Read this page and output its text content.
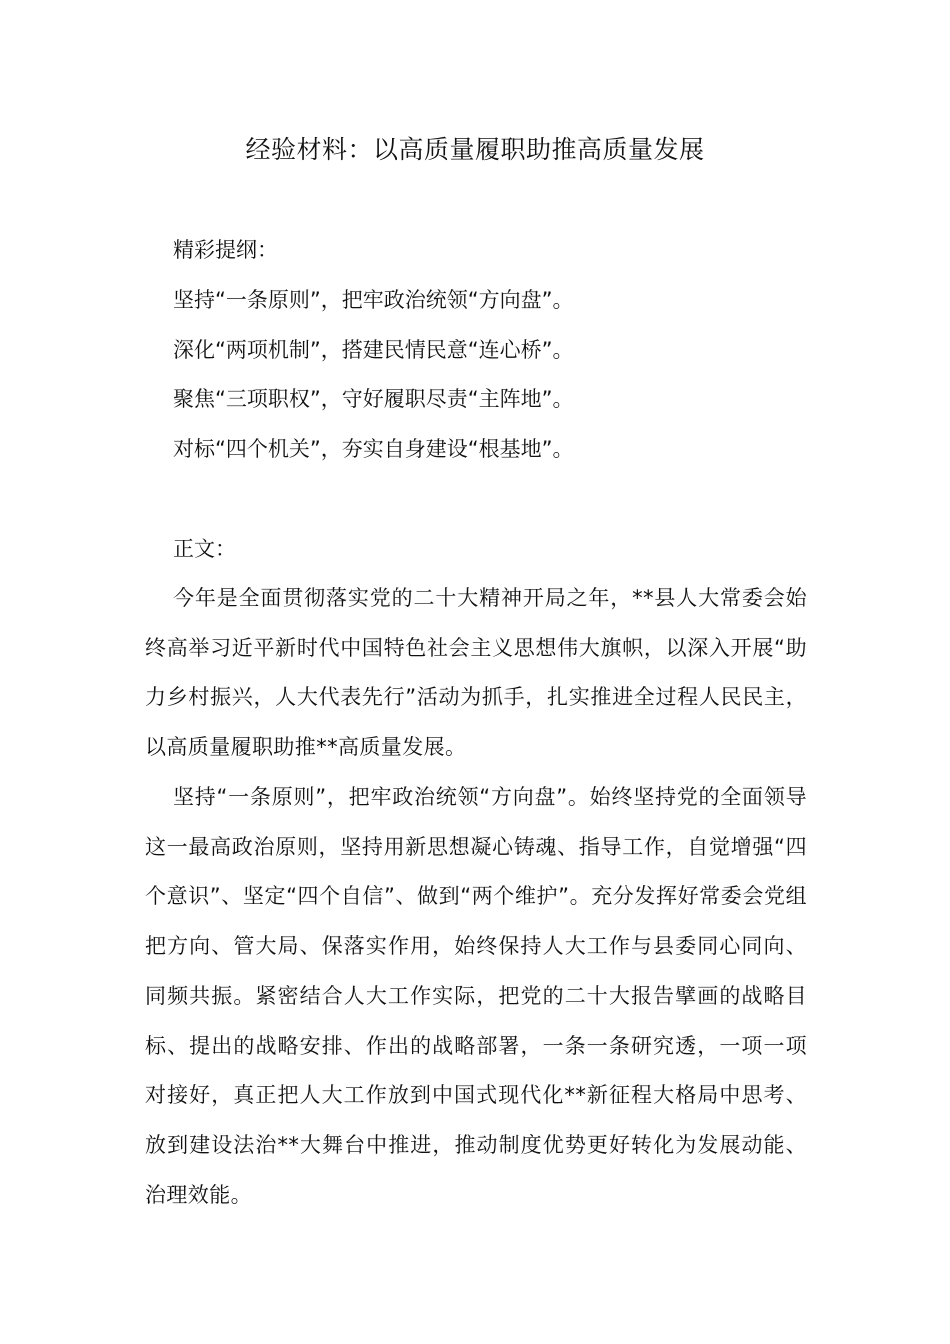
经验材料：以高质量履职助推高质量发展

精彩提纲：

坚持“一条原则”，把牢政治统领“方向盘”。

深化“两项机制”，搭建民情民意“连心桥”。

聚焦“三项职权”，守好履职尽责“主阵地”。

对标“四个机关”，夯实自身建设“根基地”。

正文：

今年是全面贯彻落实党的二十大精神开局之年，**县人大常委会始终高举习近平新时代中国特色社会主义思想伟大旗帜，以深入开展“助力乡村振兴，人大代表先行”活动为抓手，扎实推进全过程人民民主，以高质量履职助推**高质量发展。

坚持“一条原则”，把牢政治统领“方向盘”。始终坚持党的全面领导这一最高政治原则，坚持用新思想凝心铸魂、指导工作，自觉增强“四个意识”、坚定“四个自信”、做到“两个维护”。充分发挥好常委会党组把方向、管大局、保落实作用，始终保持人大工作与县委同心同向、同频共振。紧密结合人大工作实际，把党的二十大报告擘画的战略目标、提出的战略安排、作出的战略部署，一条一条研究透，一项一项对接好，真正把人大工作放到中国式现代化**新征程大格局中思考、放到建设法治**大舞台中推进，推动制度优势更好转化为发展动能、治理效能。
